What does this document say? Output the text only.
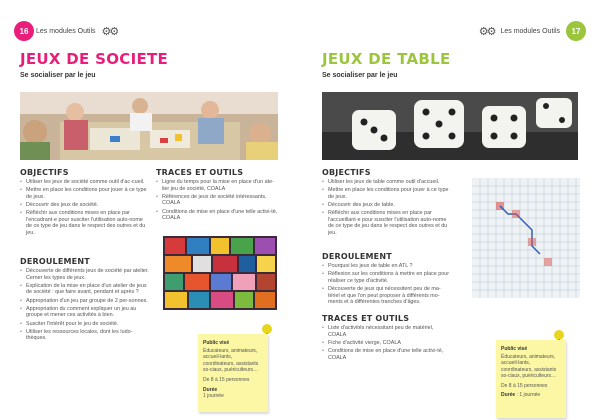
16	Les modules Outils ⚙⚙
JEUX DE SOCIETE
Se socialiser par le jeu
OBJECTIFS
• Utiliser les jeux de société comme outil d'ac-cueil.
• Mettre en place les conditions pour jouer à ce type de jeux.
• Découvrir des jeux de société.
• Réfléchir aux conditions mises en place par l'encadrant·e pour susciter l'utilisation auto-nome de ce type de jeu dans le respect des outres et du jeu.
DEROULEMENT
• Découverte de différents jeux de société par atelier. Cerner les types de jeux.
• Explication de la mise en place d'un atelier de jeux de société : que faire avant, pendant et après ?
• Appropriation d'un jeu par groupe de 2 per-sonnes.
• Appropriation du comment expliquer un jeu au groupe et mener ces activités à bien.
• Susciter l'intérêt pour le jeu de société.
• Utiliser les ressources locales, dont les ludo-thèques.
TRACES ET OUTILS
• Ligne du temps pour la mise en place d'un ate-lier jeu de société, COALA
• Références de jeux de société intéressants, COALA
• Conditions de mise en place d'une telle activi-té, COALA
Public visé
Éducateurs, animateurs, accueil-lants, coordinateurs, assistants so-ciaux, puériculteurs…
De 8 à 15 personnes
Durée
1 journée
⚙⚙ Les modules Outils	17
JEUX DE TABLE
Se socialiser par le jeu
OBJECTIFS
• Utiliser les jeux de table comme outil d'accueil.
• Mettre en place les conditions pour jouer à ce type de jeux.
• Découvrir des jeux de table.
• Réfléchir aux conditions mises en place par l'accueillant·e pour susciter l'utilisation auto-nome de ce type de jeu dans le respect des outres et du jeu.
DEROULEMENT
• Pourquoi les jeux de table en ATL ?
• Réflexion sur les conditions à mettre en place pour réaliser ce type d'activité.
• Découverte de jeux qui nécessitent peu de ma-tériel et que l'on peut proposer à différents mo-ments et à différentes tranches d'âges.
TRACES ET OUTILS
• Liste d'activités nécessitant peu de matériel, COALA
• Fiche d'activité vierge, COALA
• Conditions de mise en place d'une telle activi-té, COALA
Public visé
Éducateurs, animateurs, accueil-lants, coordinateurs, assistants so-ciaux, puériculteurs…
De 8 à 15 personnes
Durée : 1 journée
